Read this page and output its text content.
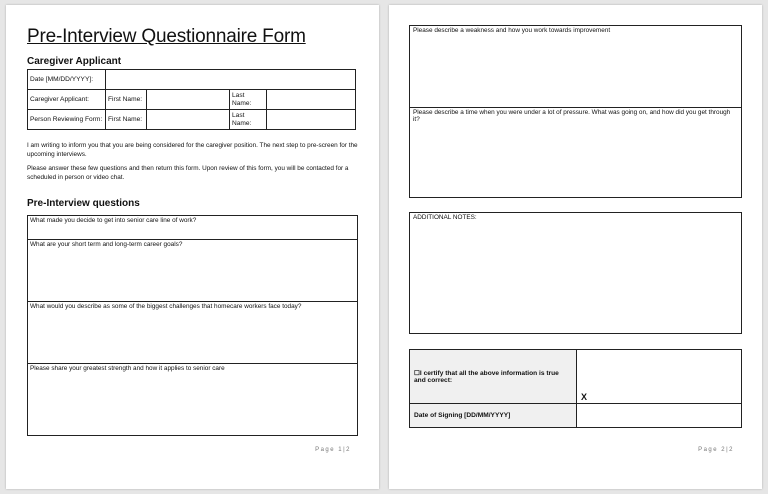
Pre-Interview Questionnaire Form
Caregiver Applicant
Date [MM/DD/YYYY]:				
Caregiver Applicant:	First Name:		Last Name:	
Person Reviewing Form:	First Name:		Last Name:	
I am writing to inform you that you are being considered for the caregiver position. The next step to pre-screen for the upcoming interviews.
Please answer these few questions and then return this form. Upon review of this form, you will be contacted for a scheduled in person or video chat.
Pre-Interview questions
What made you decide to get into senior care line of work?
What are your short term and long-term career goals?
What would you describe as some of the biggest challenges that homecare workers face today?
Please share your greatest strength and how it applies to senior care
Page 1|2
Please describe a weakness and how you work towards improvement
Please describe a time when you were under a lot of pressure. What was going on, and how did you get through it?
ADDITIONAL NOTES:
☐I certify that all the above information is true and correct:	X
Date of Signing [DD/MM/YYYY]	
Page 2|2
